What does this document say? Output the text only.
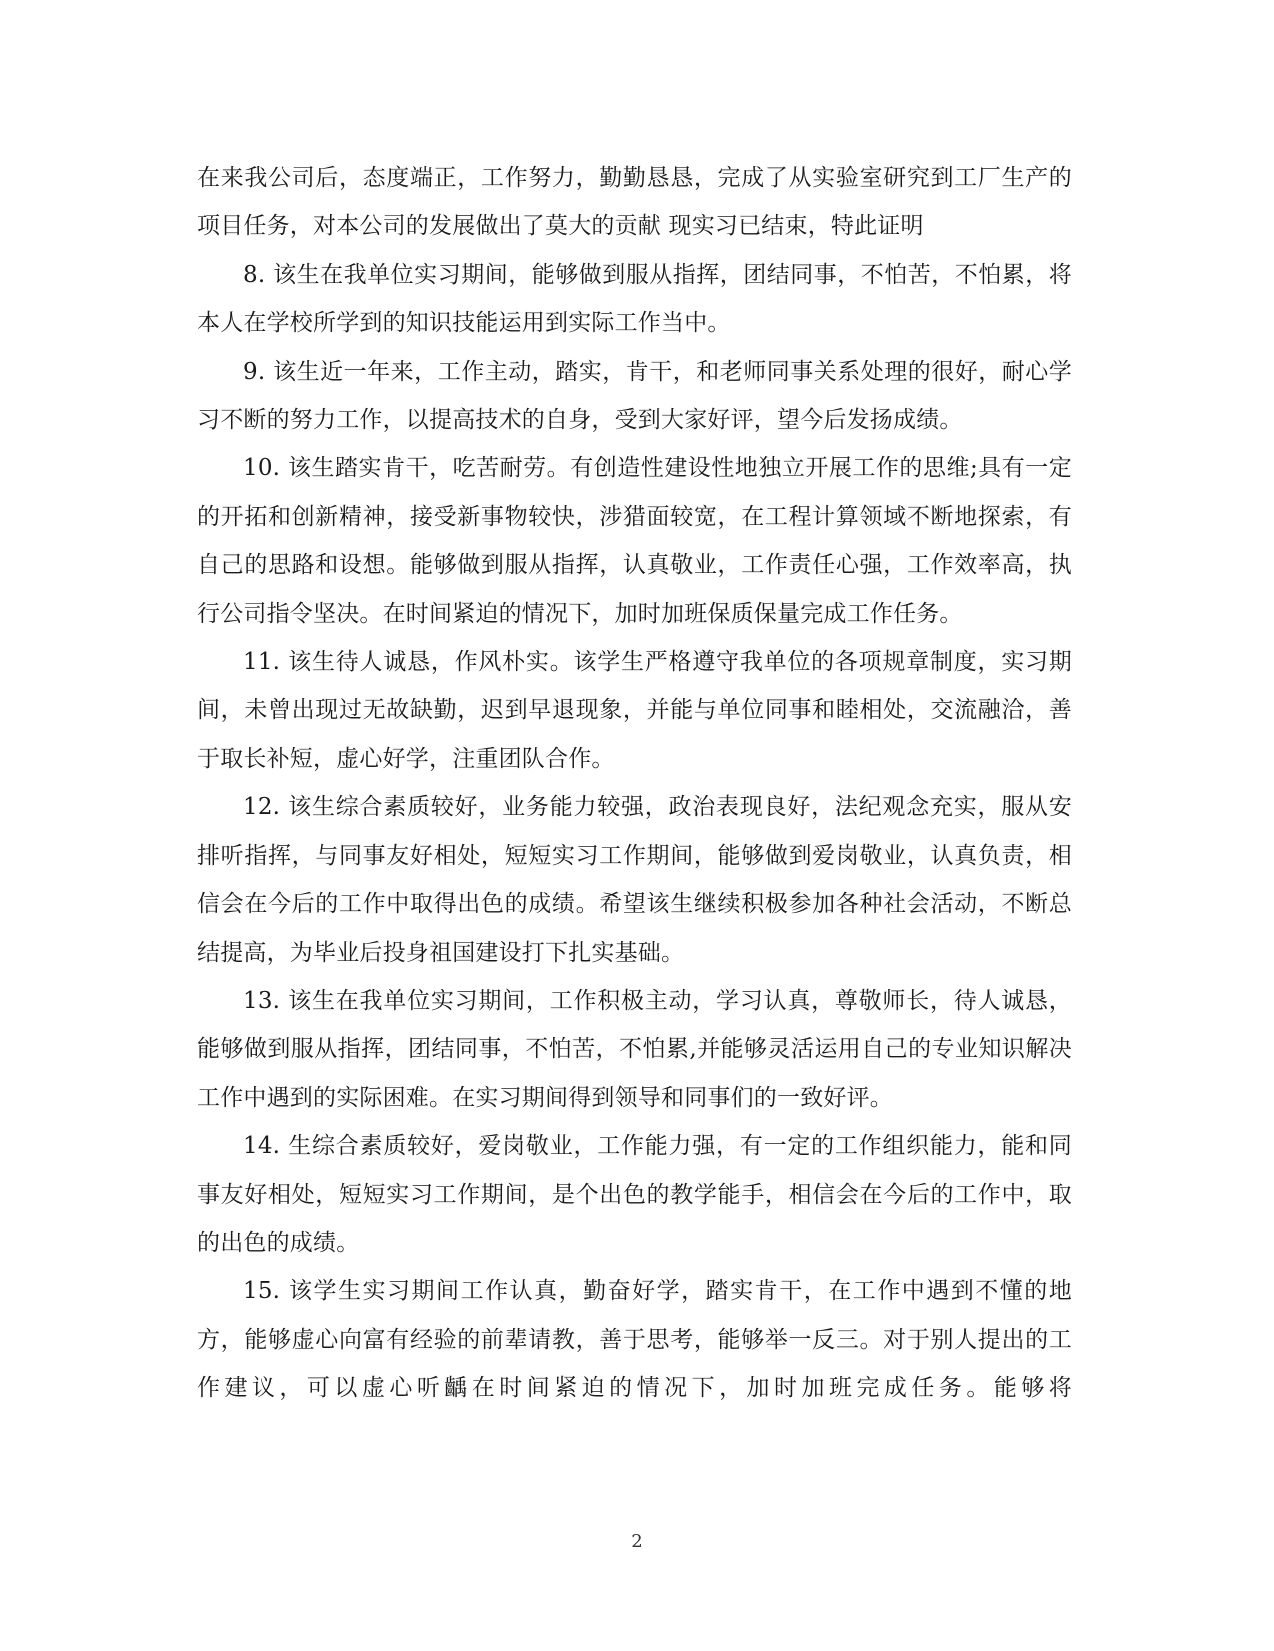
在来我公司后，态度端正，工作努力，勤勤恳恳，完成了从实验室研究到工厂生产的项目任务，对本公司的发展做出了莫大的贡献 现实习已结束，特此证明

8. 该生在我单位实习期间，能够做到服从指挥，团结同事，不怕苦，不怕累，将本人在学校所学到的知识技能运用到实际工作当中。

9. 该生近一年来，工作主动，踏实，肯干，和老师同事关系处理的很好，耐心学习不断的努力工作，以提高技术的自身，受到大家好评，望今后发扬成绩。

10. 该生踏实肯干，吃苦耐劳。有创造性建设性地独立开展工作的思维;具有一定的开拓和创新精神，接受新事物较快，涉猎面较宽，在工程计算领域不断地探索，有自己的思路和设想。能够做到服从指挥，认真敬业，工作责任心强，工作效率高，执行公司指令坚决。在时间紧迫的情况下，加时加班保质保量完成工作任务。

11. 该生待人诚恳，作风朴实。该学生严格遵守我单位的各项规章制度，实习期间，未曾出现过无故缺勤，迟到早退现象，并能与单位同事和睦相处，交流融洽，善于取长补短，虚心好学，注重团队合作。

12. 该生综合素质较好，业务能力较强，政治表现良好，法纪观念充实，服从安排听指挥，与同事友好相处，短短实习工作期间，能够做到爱岗敬业，认真负责，相信会在今后的工作中取得出色的成绩。希望该生继续积极参加各种社会活动，不断总结提高，为毕业后投身祖国建设打下扎实基础。

13. 该生在我单位实习期间，工作积极主动，学习认真，尊敬师长，待人诚恳，能够做到服从指挥，团结同事，不怕苦，不怕累,并能够灵活运用自己的专业知识解决工作中遇到的实际困难。在实习期间得到领导和同事们的一致好评。

14. 生综合素质较好，爱岗敬业，工作能力强，有一定的工作组织能力，能和同事友好相处，短短实习工作期间，是个出色的教学能手，相信会在今后的工作中，取的出色的成绩。

15. 该学生实习期间工作认真，勤奋好学，踏实肯干，在工作中遇到不懂的地方，能够虚心向富有经验的前辈请教，善于思考，能够举一反三。对于别人提出的工作建议，可以虚心听齲在时间紧迫的情况下，加时加班完成任务。能够将

2
